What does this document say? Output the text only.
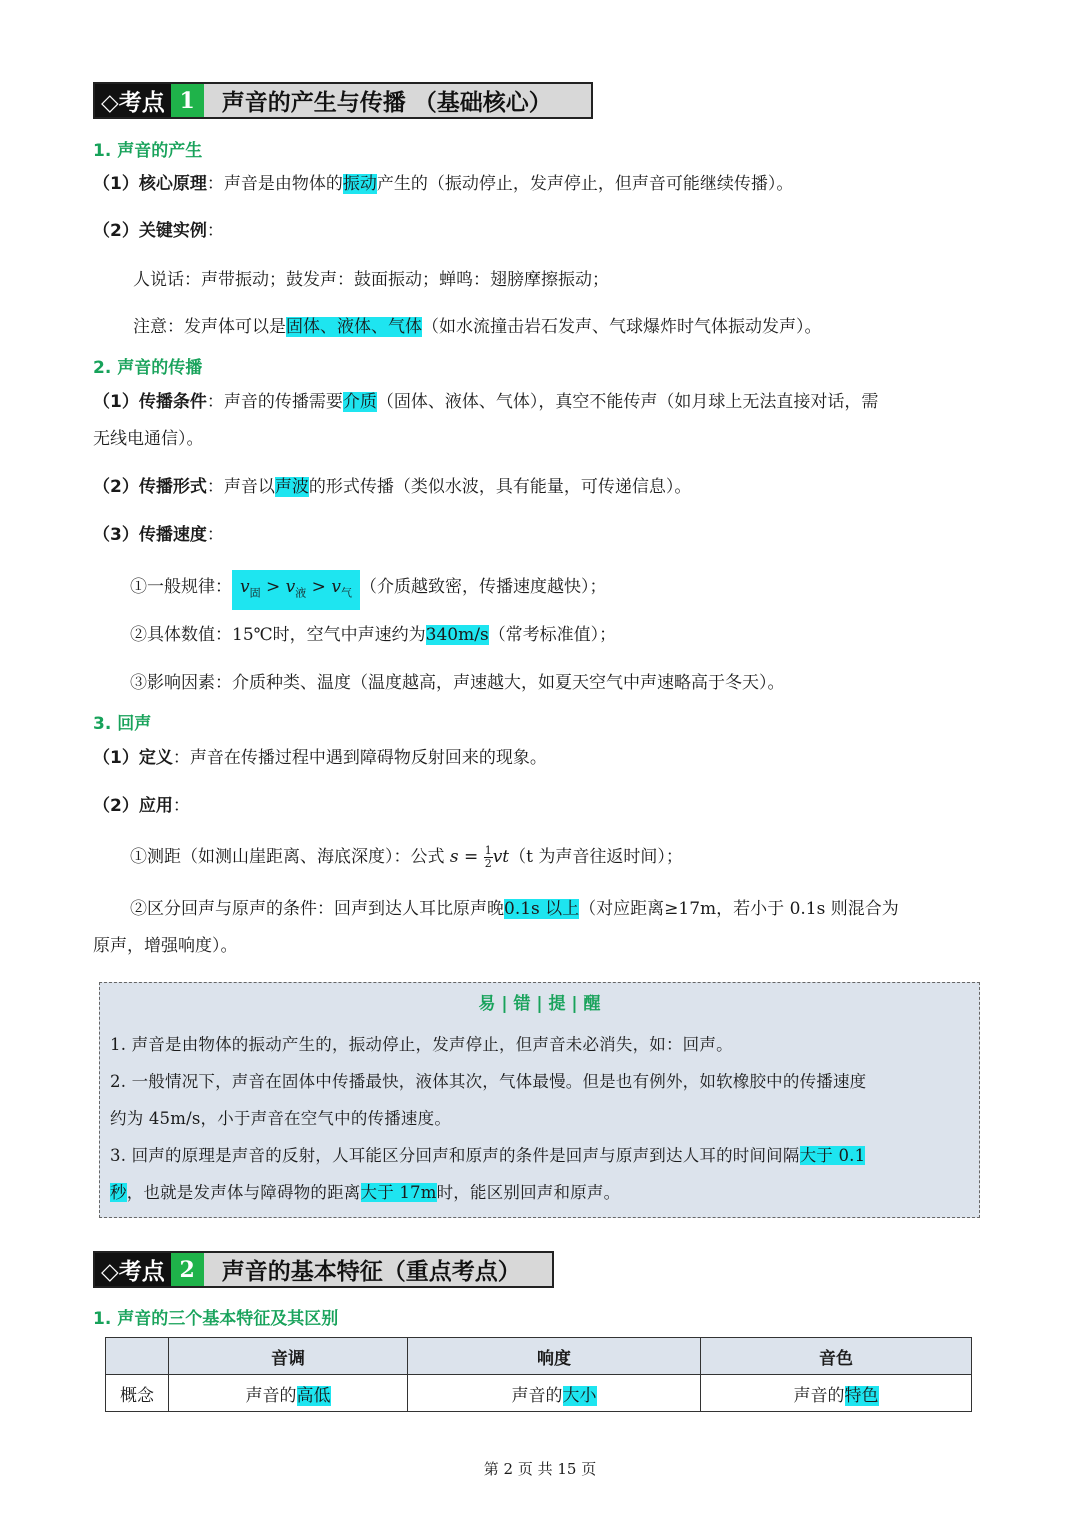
◇考点 1	声音的产生与传播 （基础核心）
1. 声音的产生
（1）核心原理：声音是由物体的振动产生的（振动停止，发声停止，但声音可能继续传播）。
（2）关键实例：
人说话：声带振动；鼓发声：鼓面振动；蝉鸣：翅膀摩擦振动；
注意：发声体可以是固体、液体、气体（如水流撞击岩石发声、气球爆炸时气体振动发声）。
2. 声音的传播
（1）传播条件：声音的传播需要介质（固体、液体、气体），真空不能传声（如月球上无法直接对话，需
无线电通信）。
（2）传播形式：声音以声波的形式传播（类似水波，具有能量，可传递信息）。
（3）传播速度：
①一般规律： $v_固 > v_液 > v_气$ （介质越致密，传播速度越快）；
②具体数值：15℃时，空气中声速约为340m/s（常考标准值）；
③影响因素：介质种类、温度（温度越高，声速越大，如夏天空气中声速略高于冬天）。
3. 回声
（1）定义：声音在传播过程中遇到障碍物反射回来的现象。
（2）应用：
①测距（如测山崖距离、海底深度）：公式 $s = \frac{1}{2} vt(t$ 为声音往返时间）；
②区分回声与原声的条件：回声到达人耳比原声晚0.1s 以上（对应距离≥17m，若小于 0.1s 则混合为
原声，增强响度）。
易 | 错 | 提 | 醒
1. 声音是由物体的振动产生的，振动停止，发声停止，但声音未必消失，如：回声。
2. 一般情况下，声音在固体中传播最快，液体其次，气体最慢。但是也有例外，如软橡胶中的传播速度
约为 45m/s，小于声音在空气中的传播速度。
3. 回声的原理是声音的反射，人耳能区分回声和原声的条件是回声与原声到达人耳的时间间隔大于 0.1
秒，也就是发声体与障碍物的距离大于 17m时，能区别回声和原声。
◇考点 2	声音的基本特征（重点考点）
1. 声音的三个基本特征及其区别
	音调	响度	音色
概念	声音的高低	声音的大小	声音的特色
第 2 页 共 15 页
